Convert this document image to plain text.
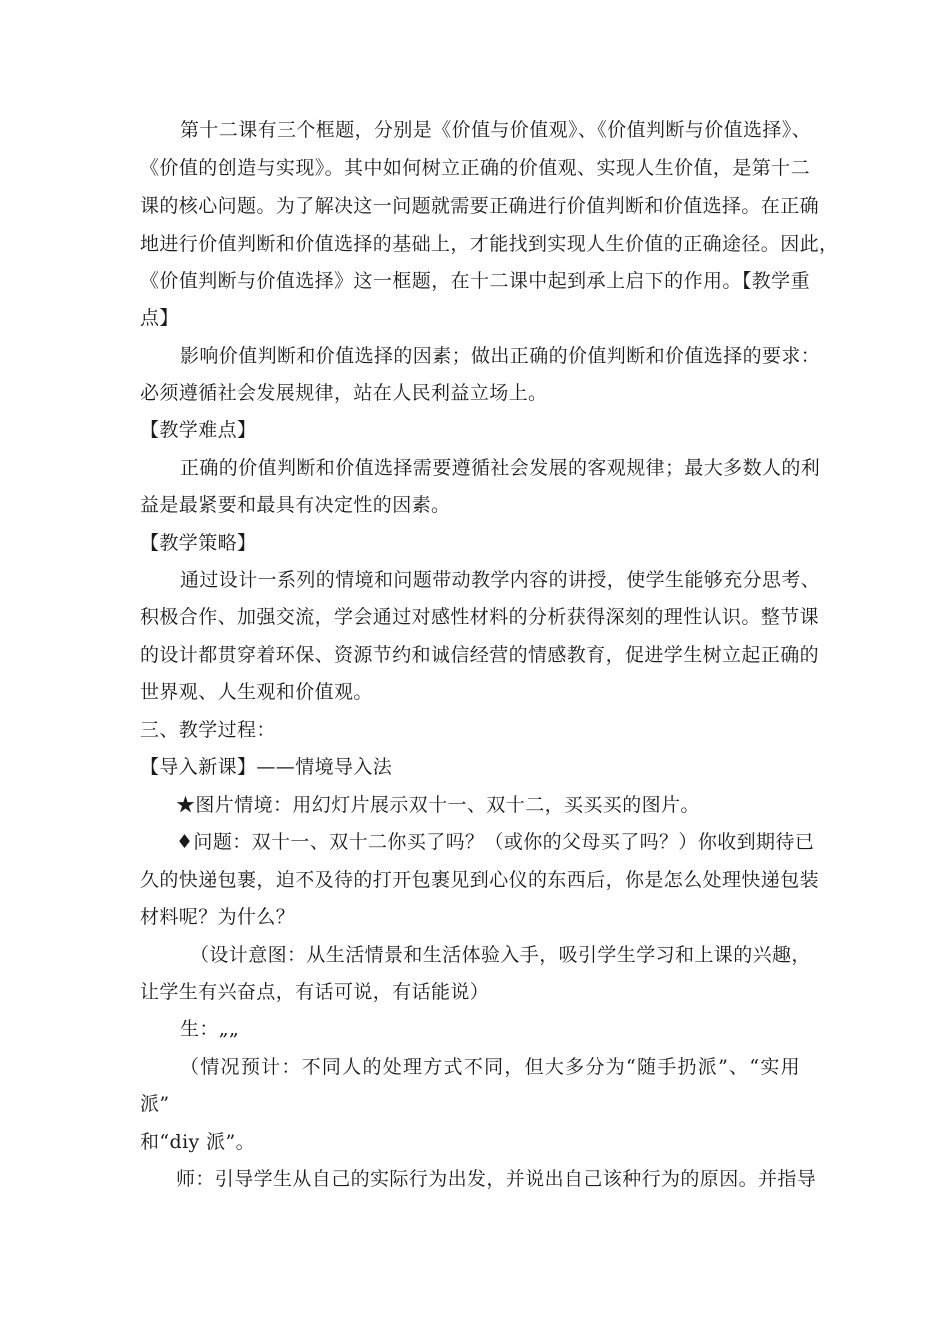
第十二课有三个框题，分别是《价值与价值观》、《价值判断与价值选择》、
《价值的创造与实现》。其中如何树立正确的价值观、实现人生价值，是第十二
课的核心问题。为了解决这一问题就需要正确进行价值判断和价值选择。在正确
地进行价值判断和价值选择的基础上，才能找到实现人生价值的正确途径。因此，
《价值判断与价值选择》这一框题，在十二课中起到承上启下的作用。【教学重
点】
影响价值判断和价值选择的因素；做出正确的价值判断和价值选择的要求：
必须遵循社会发展规律，站在人民利益立场上。
【教学难点】
正确的价值判断和价值选择需要遵循社会发展的客观规律；最大多数人的利
益是最紧要和最具有决定性的因素。
【教学策略】
通过设计一系列的情境和问题带动教学内容的讲授，使学生能够充分思考、
积极合作、加强交流，学会通过对感性材料的分析获得深刻的理性认识。整节课
的设计都贯穿着环保、资源节约和诚信经营的情感教育，促进学生树立起正确的
世界观、人生观和价值观。
三、教学过程：
【导入新课】——情境导入法
★图片情境：用幻灯片展示双十一、双十二，买买买的图片。
♦问题：双十一、双十二你买了吗？（或你的父母买了吗？）你收到期待已
久的快递包裹，迫不及待的打开包裹见到心仪的东西后，你是怎么处理快递包装
材料呢？为什么？
（设计意图：从生活情景和生活体验入手，吸引学生学习和上课的兴趣，
让学生有兴奋点，有话可说，有话能说）
生：„„
（情况预计：不同人的处理方式不同，但大多分为“随手扔派”、“实用
派”
和“diy 派”。
师：引导学生从自己的实际行为出发，并说出自己该种行为的原因。并指导
